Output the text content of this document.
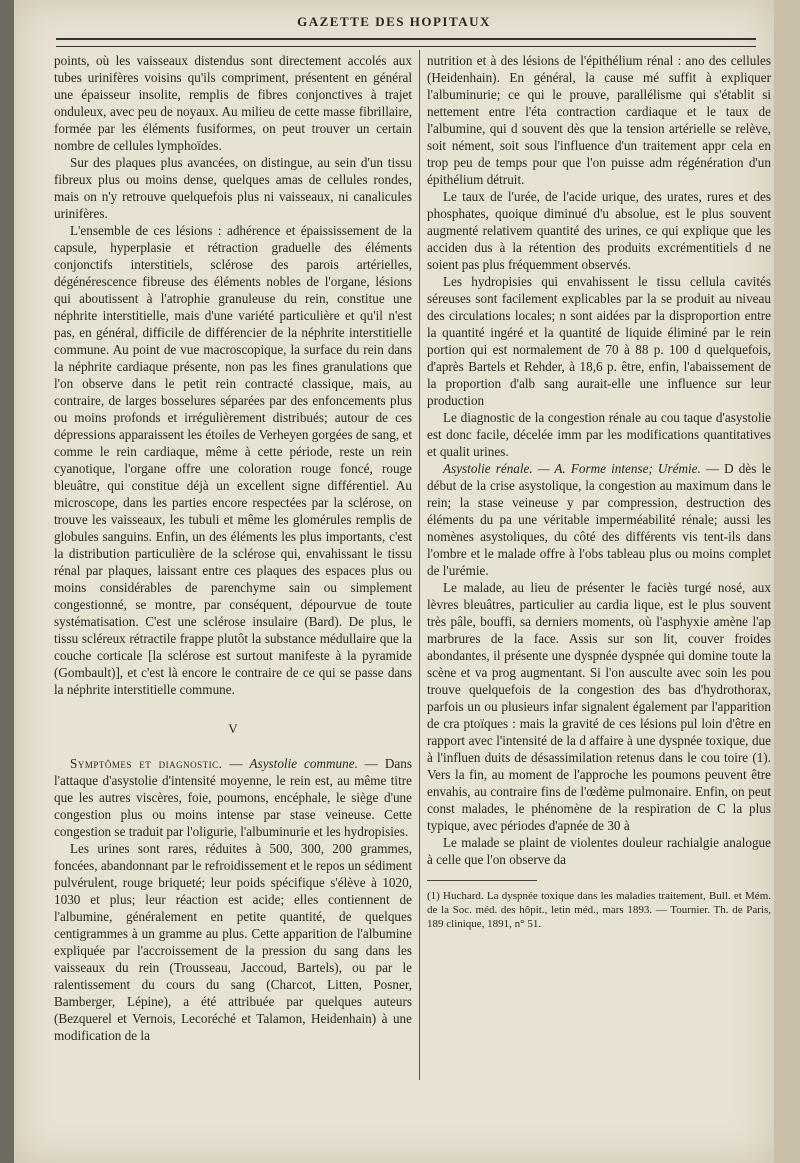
GAZETTE DES HOPITAUX

points, où les vaisseaux distendus sont directement accolés aux tubes urinifères voisins qu'ils compriment, présentent en général une épaisseur insolite, remplis de fibres conjonctives à trajet onduleux, avec peu de noyaux. Au milieu de cette masse fibrillaire, formée par les éléments fusiformes, on peut trouver un certain nombre de cellules lymphoïdes.

Sur des plaques plus avancées, on distingue, au sein d'un tissu fibreux plus ou moins dense, quelques amas de cellules rondes, mais on n'y retrouve quelquefois plus ni vaisseaux, ni canalicules urinifères.

L'ensemble de ces lésions : adhérence et épaississement de la capsule, hyperplasie et rétraction graduelle des éléments conjonctifs interstitiels, sclérose des parois artérielles, dégénérescence fibreuse des éléments nobles de l'organe, lésions qui aboutissent à l'atrophie granuleuse du rein, constitue une néphrite interstitielle, mais d'une variété particulière et qu'il n'est pas, en général, difficile de différencier de la néphrite interstitielle commune. Au point de vue macroscopique, la surface du rein dans la néphrite cardiaque présente, non pas les fines granulations que l'on observe dans le petit rein contracté classique, mais, au contraire, de larges bosselures séparées par des enfoncements plus ou moins profonds et irrégulièrement distribués; autour de ces dépressions apparaissent les étoiles de Verheyen gorgées de sang, et comme le rein cardiaque, même à cette période, reste un rein cyanotique, l'organe offre une coloration rouge foncé, rouge bleuâtre, qui constitue déjà un excellent signe différentiel. Au microscope, dans les parties encore respectées par la sclérose, on trouve les vaisseaux, les tubuli et même les glomérules remplis de globules sanguins. Enfin, un des éléments les plus importants, c'est la distribution particulière de la sclérose qui, envahissant le tissu rénal par plaques, laissant entre ces plaques des espaces plus ou moins considérables de parenchyme sain ou simplement congestionné, se montre, par conséquent, dépourvue de toute systématisation. C'est une sclérose insulaire (Bard). De plus, le tissu scléreux rétractile frappe plutôt la substance médullaire que la couche corticale [la sclérose est surtout manifeste à la pyramide (Gombault)], et c'est là encore le contraire de ce qui se passe dans la néphrite interstitielle commune.

V

Symptômes et diagnostic. — Asystolie commune. — Dans l'attaque d'asystolie d'intensité moyenne, le rein est, au même titre que les autres viscères, foie, poumons, encéphale, le siège d'une congestion plus ou moins intense par stase veineuse. Cette congestion se traduit par l'oligurie, l'albuminurie et les hydropisies.

Les urines sont rares, réduites à 500, 300, 200 grammes, foncées, abandonnant par le refroidissement et le repos un sédiment pulvérulent, rouge briqueté; leur poids spécifique s'élève à 1020, 1030 et plus; leur réaction est acide; elles contiennent de l'albumine, généralement en petite quantité, de quelques centigrammes à un gramme au plus. Cette apparition de l'albumine expliquée par l'accroissement de la pression du sang dans les vaisseaux du rein (Trousseau, Jaccoud, Bartels), ou par le ralentissement du cours du sang (Charcot, Litten, Posner, Bamberger, Lépine), a été attribuée par quelques auteurs (Bezquerel et Vernois, Lecoréché et Talamon, Heidenhain) à une modification de la

nutrition et à des lésions de l'épithélium rénal : ano des cellules (Heidenhain). En général, la cause mé suffit à expliquer l'albuminurie; ce qui le prouve, parallélisme qui s'établit si nettement entre l'éta contraction cardiaque et le taux de l'albumine, qui d souvent dès que la tension artérielle se relève, soit nément, soit sous l'influence d'un traitement appr cela en trop peu de temps pour que l'on puisse adm régénération d'un épithélium détruit.

Le taux de l'urée, de l'acide urique, des urates, rures et des phosphates, quoique diminué d'u absolue, est le plus souvent augmenté relativem quantité des urines, ce qui explique que les acciden dus à la rétention des produits excrémentitiels d ne soient pas plus fréquemment observés.

Les hydropisies qui envahissent le tissu cellula cavités séreuses sont facilement explicables par la se produit au niveau des circulations locales; n sont aidées par la disproportion entre la quantité ingéré et la quantité de liquide éliminé par le rein portion qui est normalement de 70 à 88 p. 100 d quelquefois, d'après Bartels et Rehder, à 18,6 p. être, enfin, l'abaissement de la proportion d'alb sang aurait-elle une influence sur leur production

Le diagnostic de la congestion rénale au cou taque d'asystolie est donc facile, décelée imm par les modifications quantitatives et qualit urines.

Asystolie rénale. — A. Forme intense; Urémie. — D dès le début de la crise asystolique, la congestion au maximum dans le rein; la stase veineuse y par compression, destruction des éléments du pa une véritable imperméabilité rénale; aussi les nomènes asystoliques, du côté des différents vis tent-ils dans l'ombre et le malade offre à l'obs tableau plus ou moins complet de l'urémie.

Le malade, au lieu de présenter le faciès turgé nosé, aux lèvres bleuâtres, particulier au cardia lique, est le plus souvent très pâle, bouffi, sa derniers moments, où l'asphyxie amène l'ap marbrures de la face. Assis sur son lit, couver froides abondantes, il présente une dyspnée dyspnée qui domine toute la scène et va prog augmentant. Si l'on ausculte avec soin les pou trouve quelquefois de la congestion des bas d'hydrothorax, parfois un ou plusieurs infar signalent également par l'apparition de cra ptoïques : mais la gravité de ces lésions pul loin d'être en rapport avec l'intensité de la d affaire à une dyspnée toxique, due à l'influen duits de désassimilation retenus dans le cou toire (1). Vers la fin, au moment de l'approche les poumons peuvent être envahis, au contraire fins de l'œdème pulmonaire. Enfin, on peut const malades, le phénomène de la respiration de C la plus typique, avec périodes d'apnée de 30 à

Le malade se plaint de violentes douleur rachialgie analogue à celle que l'on observe da

(1) Huchard. La dyspnée toxique dans les maladies traitement, Bull. et Mém. de la Soc. méd. des hôpit., letin méd., mars 1893. — Tournier. Th. de Paris, 189 clinique, 1891, n° 51.
